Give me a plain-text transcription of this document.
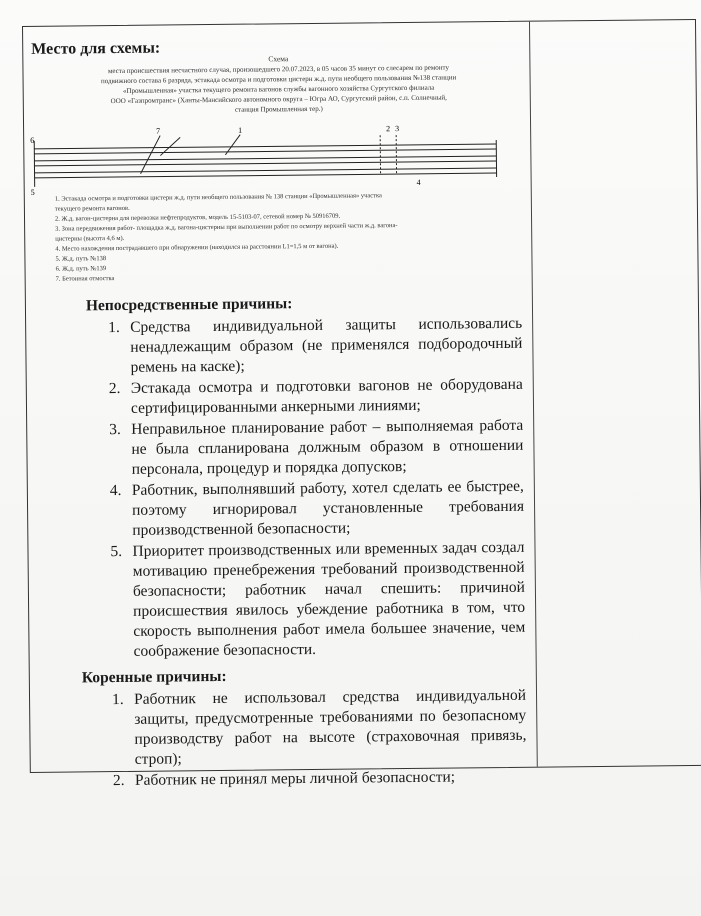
Место для схемы:
Схема
места происшествия несчастного случая, произошедшего 20.07.2023, в 05 часов 35 минут со слесарем по ремонту
подвижного состава 6 разряда, эстакада осмотра и подготовки цистерн ж.д. пути необщего пользования №138 станции
«Промышленная» участка текущего ремонта вагонов службы вагонного хозяйства Сургутского филиала
ООО «Газпромтранс» (Ханты-Мансийского автономного округа – Югра АО, Сургутский район, с.п. Солнечный,
станция Промышленная тер.)
7	1	2 3
4
5
6
1. Эстакада осмотра и подготовки цистерн ж.д. пути необщего пользования № 138 станции «Промышленная» участка
текущего ремонта вагонов.
2. Ж.д. вагон-цистерна для перевозки нефтепродуктов, модель 15-5103-07, сетевой номер № 50916709.
3. Зона передвижения работ- площадка ж.д. вагона-цистерны при выполнении работ по осмотру верхней части ж.д. вагона-
цистерны (высота 4,6 м).
4. Место нахождения пострадавшего при обнаружении (находился на расстоянии L1=1,5 м от вагона).
5. Ж.д. путь №138
6. Ж.д. путь №139
7. Бетонная отмостка
Непосредственные причины:
1. Средства индивидуальной защиты использовались ненадлежащим образом (не применялся подбородочный ремень на каске);
2. Эстакада осмотра и подготовки вагонов не оборудована сертифицированными анкерными линиями;
3. Неправильное планирование работ – выполняемая работа не была спланирована должным образом в отношении персонала, процедур и порядка допусков;
4. Работник, выполнявший работу, хотел сделать ее быстрее, поэтому игнорировал установленные требования производственной безопасности;
5. Приоритет производственных или временных задач создал мотивацию пренебрежения требований производственной безопасности; работник начал спешить: причиной происшествия явилось убеждение работника в том, что скорость выполнения работ имела большее значение, чем соображение безопасности.
Коренные причины:
1. Работник не использовал средства индивидуальной защиты, предусмотренные требованиями по безопасному производству работ на высоте (страховочная привязь, строп);
2. Работник не принял меры личной безопасности;
